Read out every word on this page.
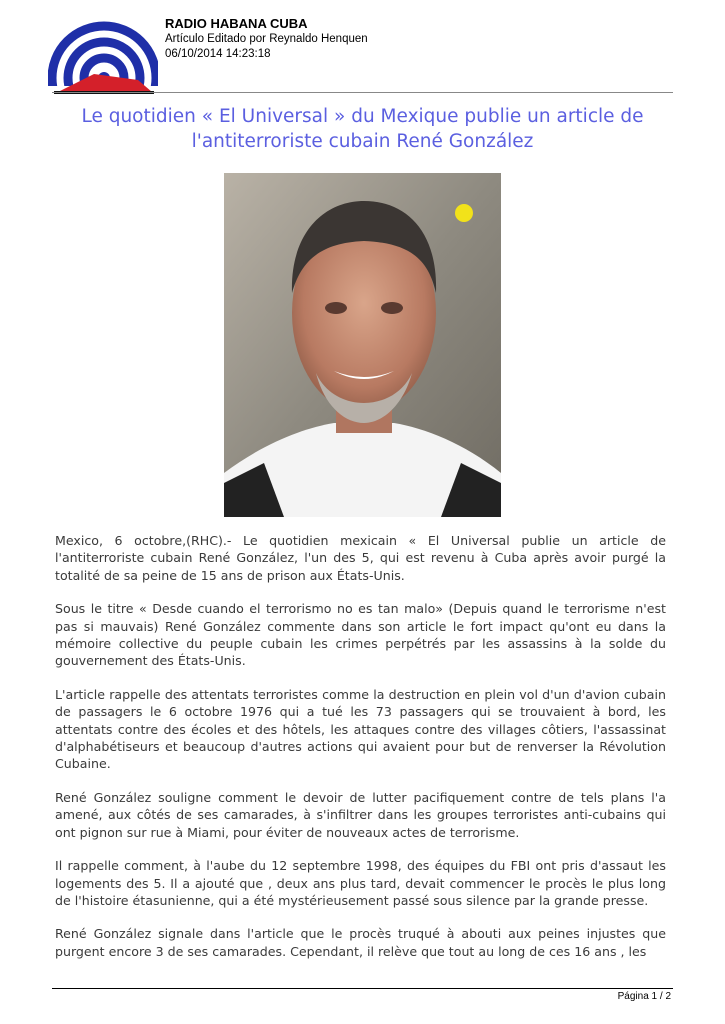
RADIO HABANA CUBA
Artículo Editado por Reynaldo Henquen
06/10/2014 14:23:18
Le quotidien « El Universal » du Mexique publie un article de l'antiterroriste cubain René González

Mexico, 6 octobre,(RHC).- Le quotidien mexicain « El Universal publie un article de l'antiterroriste cubain René González, l'un des 5, qui est revenu à Cuba après avoir purgé la totalité de sa peine de 15 ans de prison aux États-Unis.

Sous le titre « Desde cuando el terrorismo no es tan malo» (Depuis quand le terrorisme n'est pas si mauvais) René González commente dans son article le fort impact qu'ont eu dans la mémoire collective du peuple cubain les crimes perpétrés par les assassins à la solde du gouvernement des États-Unis.

L'article rappelle des attentats terroristes comme la destruction en plein vol d'un d'avion cubain de passagers le 6 octobre 1976 qui a tué les 73 passagers qui se trouvaient à bord, les attentats contre des écoles et des hôtels, les attaques contre des villages côtiers, l'assassinat d'alphabétiseurs et beaucoup d'autres actions qui avaient pour but de renverser la Révolution Cubaine.

René González souligne comment le devoir de lutter pacifiquement contre de tels plans l'a amené, aux côtés de ses camarades, à s'infiltrer dans les groupes terroristes anti-cubains qui ont pignon sur rue à Miami, pour éviter de nouveaux actes de terrorisme.

Il rappelle comment, à l'aube du 12 septembre 1998, des équipes du FBI ont pris d'assaut les logements des 5. Il a ajouté que , deux ans plus tard, devait commencer le procès le plus long de l'histoire étasunienne, qui a été mystérieusement passé sous silence par la grande presse.

René González signale dans l'article que le procès truqué à abouti aux peines injustes que purgent encore 3 de ses camarades. Cependant, il relève que tout au long de ces 16 ans , les

Página 1 / 2
